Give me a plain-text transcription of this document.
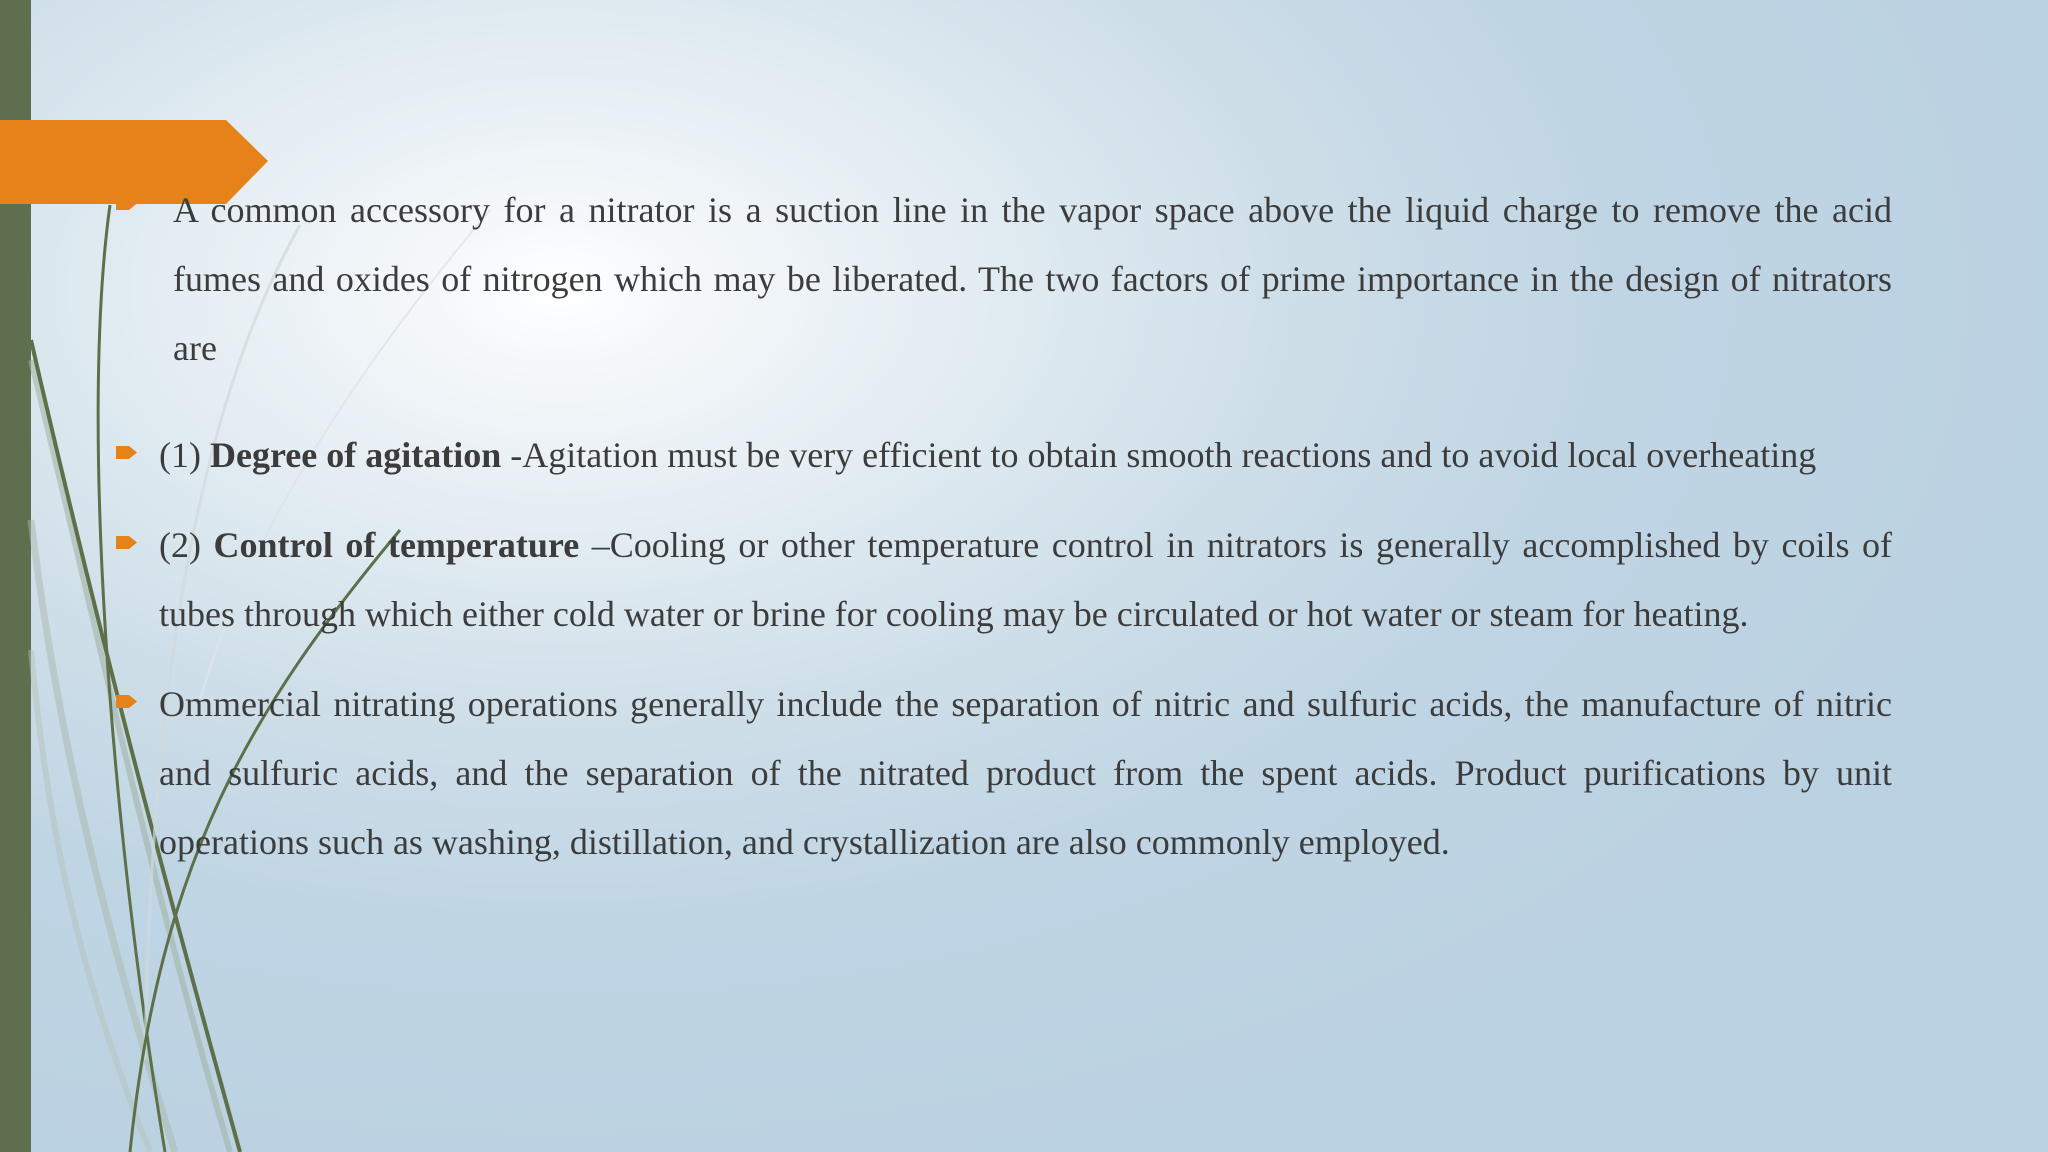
A common accessory for a nitrator is a suction line in the vapor space above the liquid charge to remove the acid fumes and oxides of nitrogen which may be liberated. The two factors of prime importance in the design of nitrators are

(1) Degree of agitation -Agitation must be very efficient to obtain smooth reactions and to avoid local overheating

(2) Control of temperature –Cooling or other temperature control in nitrators is generally accomplished by coils of tubes through which either cold water or brine for cooling may be circulated or hot water or steam for heating.

Ommercial nitrating operations generally include the separation of nitric and sulfuric acids, the manufacture of nitric and sulfuric acids, and the separation of the nitrated product from the spent acids. Product purifications by unit operations such as washing, distillation, and crystallization are also commonly employed.
